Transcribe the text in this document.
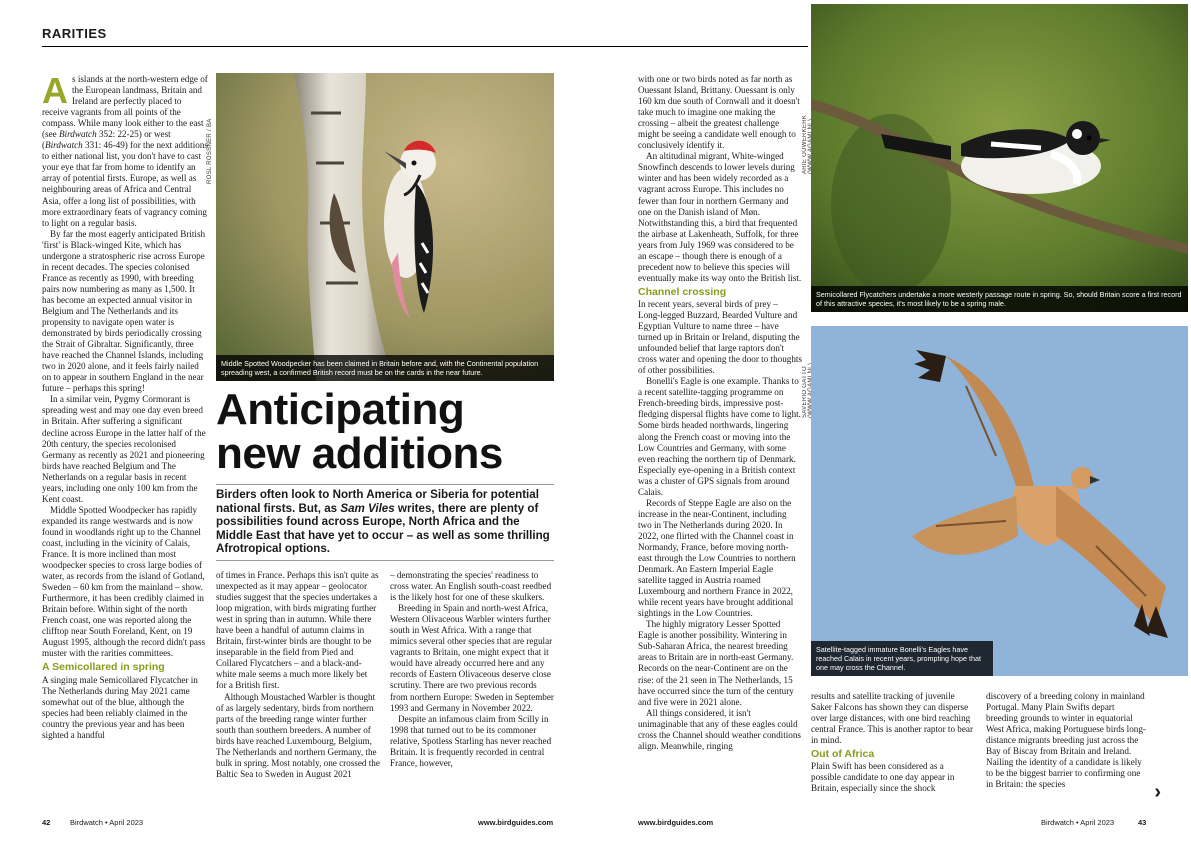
RARITIES

As islands at the north-western edge of the European landmass, Britain and Ireland are perfectly placed to receive vagrants from all points of the compass. While many look either to the east (see Birdwatch 352: 22-25) or west (Birdwatch 331: 46-49) for the next additions to either national list, you don't have to cast your eye that far from home to identify an array of potential firsts. Europe, as well as neighbouring areas of Africa and Central Asia, offer a long list of possibilities, with more extraordinary feats of vagrancy coming to light on a regular basis.

By far the most eagerly anticipated British 'first' is Black-winged Kite, which has undergone a stratospheric rise across Europe in recent decades. The species colonised France as recently as 1990, with breeding pairs now numbering as many as 1,500. It has become an expected annual visitor in Belgium and The Netherlands and its propensity to navigate open water is demonstrated by birds periodically crossing the Strait of Gibraltar. Significantly, three have reached the Channel Islands, including two in 2020 alone, and it feels fairly nailed on to appear in southern England in the near future – perhaps this spring!

In a similar vein, Pygmy Cormorant is spreading west and may one day even breed in Britain. After suffering a significant decline across Europe in the latter half of the 20th century, the species recolonised Germany as recently as 2021 and pioneering birds have reached Belgium and The Netherlands on a regular basis in recent years, including one only 100 km from the Kent coast.

Middle Spotted Woodpecker has rapidly expanded its range westwards and is now found in woodlands right up to the Channel coast, including in the vicinity of Calais, France. It is more inclined than most woodpecker species to cross large bodies of water, as records from the island of Gotland, Sweden – 60 km from the mainland – show. Furthermore, it has been credibly claimed in Britain before. Within sight of the north French coast, one was reported along the clifftop near South Foreland, Kent, on 19 August 1995, although the record didn't pass muster with the rarities committees.

A Semicollared in spring

A singing male Semicollared Flycatcher in The Netherlands during May 2021 came somewhat out of the blue, although the species had been reliably claimed in the country the previous year and has been sighted a handful

ROSL RÖSSNER / BA
Middle Spotted Woodpecker has been claimed in Britain before and, with the Continental population spreading west, a confirmed British record must be on the cards in the near future.
Anticipating
new additions
Birders often look to North America or Siberia for potential national firsts. But, as Sam Viles writes, there are plenty of possibilities found across Europe, North Africa and the Middle East that have yet to occur – as well as some thrilling Afrotropical options.

of times in France. Perhaps this isn't quite as unexpected as it may appear – geolocator studies suggest that the species undertakes a loop migration, with birds migrating further west in spring than in autumn. While there have been a handful of autumn claims in Britain, first-winter birds are thought to be inseparable in the field from Pied and Collared Flycatchers – and a black-and-white male seems a much more likely bet for a British first.

Although Moustached Warbler is thought of as largely sedentary, birds from northern parts of the breeding range winter further south than southern breeders. A number of birds have reached Luxembourg, Belgium, The Netherlands and northern Germany, the bulk in spring. Most notably, one crossed the Baltic Sea to Sweden in August 2021

– demonstrating the species' readiness to cross water. An English south-coast reedbed is the likely host for one of these skulkers.

Breeding in Spain and north-west Africa, Western Olivaceous Warbler winters further south in West Africa. With a range that mimics several other species that are regular vagrants to Britain, one might expect that it would have already occurred here and any records of Eastern Olivaceous deserve close scrutiny. There are two previous records from northern Europe: Sweden in September 1993 and Germany in November 2022.

Despite an infamous claim from Scilly in 1998 that turned out to be its commoner relative, Spotless Starling has never reached Britain. It is frequently recorded in central France, however,

with one or two birds noted as far north as Ouessant Island, Brittany. Ouessant is only 160 km due south of Cornwall and it doesn't take much to imagine one making the crossing – albeit the greatest challenge might be seeing a candidate well enough to conclusively identify it.

An altitudinal migrant, White-winged Snowfinch descends to lower levels during winter and has been widely recorded as a vagrant across Europe. This includes no fewer than four in northern Germany and one on the Danish island of Møn. Notwithstanding this, a bird that frequented the airbase at Lakenheath, Suffolk, for three years from July 1969 was considered to be an escape – though there is enough of a precedent now to believe this species will eventually make its way onto the British list.

Channel crossing

In recent years, several birds of prey – Long-legged Buzzard, Bearded Vulture and Egyptian Vulture to name three – have turned up in Britain or Ireland, disputing the unfounded belief that large raptors don't cross water and opening the door to thoughts of other possibilities.

Bonelli's Eagle is one example. Thanks to a recent satellite-tagging programme on French-breeding birds, impressive post-fledging dispersal flights have come to light. Some birds headed northwards, lingering along the French coast or moving into the Low Countries and Germany, with some even reaching the northern tip of Denmark. Especially eye-opening in a British context was a cluster of GPS signals from around Calais.

Records of Steppe Eagle are also on the increase in the near-Continent, including two in The Netherlands during 2020. In 2022, one flirted with the Channel coast in Normandy, France, before moving north-east through the Low Countries to northern Denmark. An Eastern Imperial Eagle satellite tagged in Austria roamed Luxembourg and northern France in 2022, while recent years have brought additional sightings in the Low Countries.

The highly migratory Lesser Spotted Eagle is another possibility. Wintering in Sub-Saharan Africa, the nearest breeding areas to Britain are in north-east Germany. Records on the near-Continent are on the rise: of the 21 seen in The Netherlands, 15 have occurred since the turn of the century and five were in 2021 alone.

All things considered, it isn't unimaginable that any of these eagles could cross the Channel should weather conditions align. Meanwhile, ringing

ARIE OUWERKERK
Semicollared Flycatchers undertake a more westerly passage route in spring. So, should Britain score a first record of this attractive species, it's most likely to be a spring male.
SAVERIO GATTO
Satellite-tagged immature Bonelli's Eagles have reached Calais in recent years, prompting hope that one may cross the Channel.

results and satellite tracking of juvenile Saker Falcons has shown they can disperse over large distances, with one bird reaching central France. This is another raptor to bear in mind.

Out of Africa

Plain Swift has been considered as a possible candidate to one day appear in Britain, especially since the shock

discovery of a breeding colony in mainland Portugal. Many Plain Swifts depart breeding grounds to winter in equatorial West Africa, making Portuguese birds long-distance migrants breeding just across the Bay of Biscay from Britain and Ireland. Nailing the identity of a candidate is likely to be the biggest barrier to confirming one in Britain: the species	›
42	Birdwatch • April 2023	www.birdguides.com	www.birdguides.com	Birdwatch • April 2023	43
